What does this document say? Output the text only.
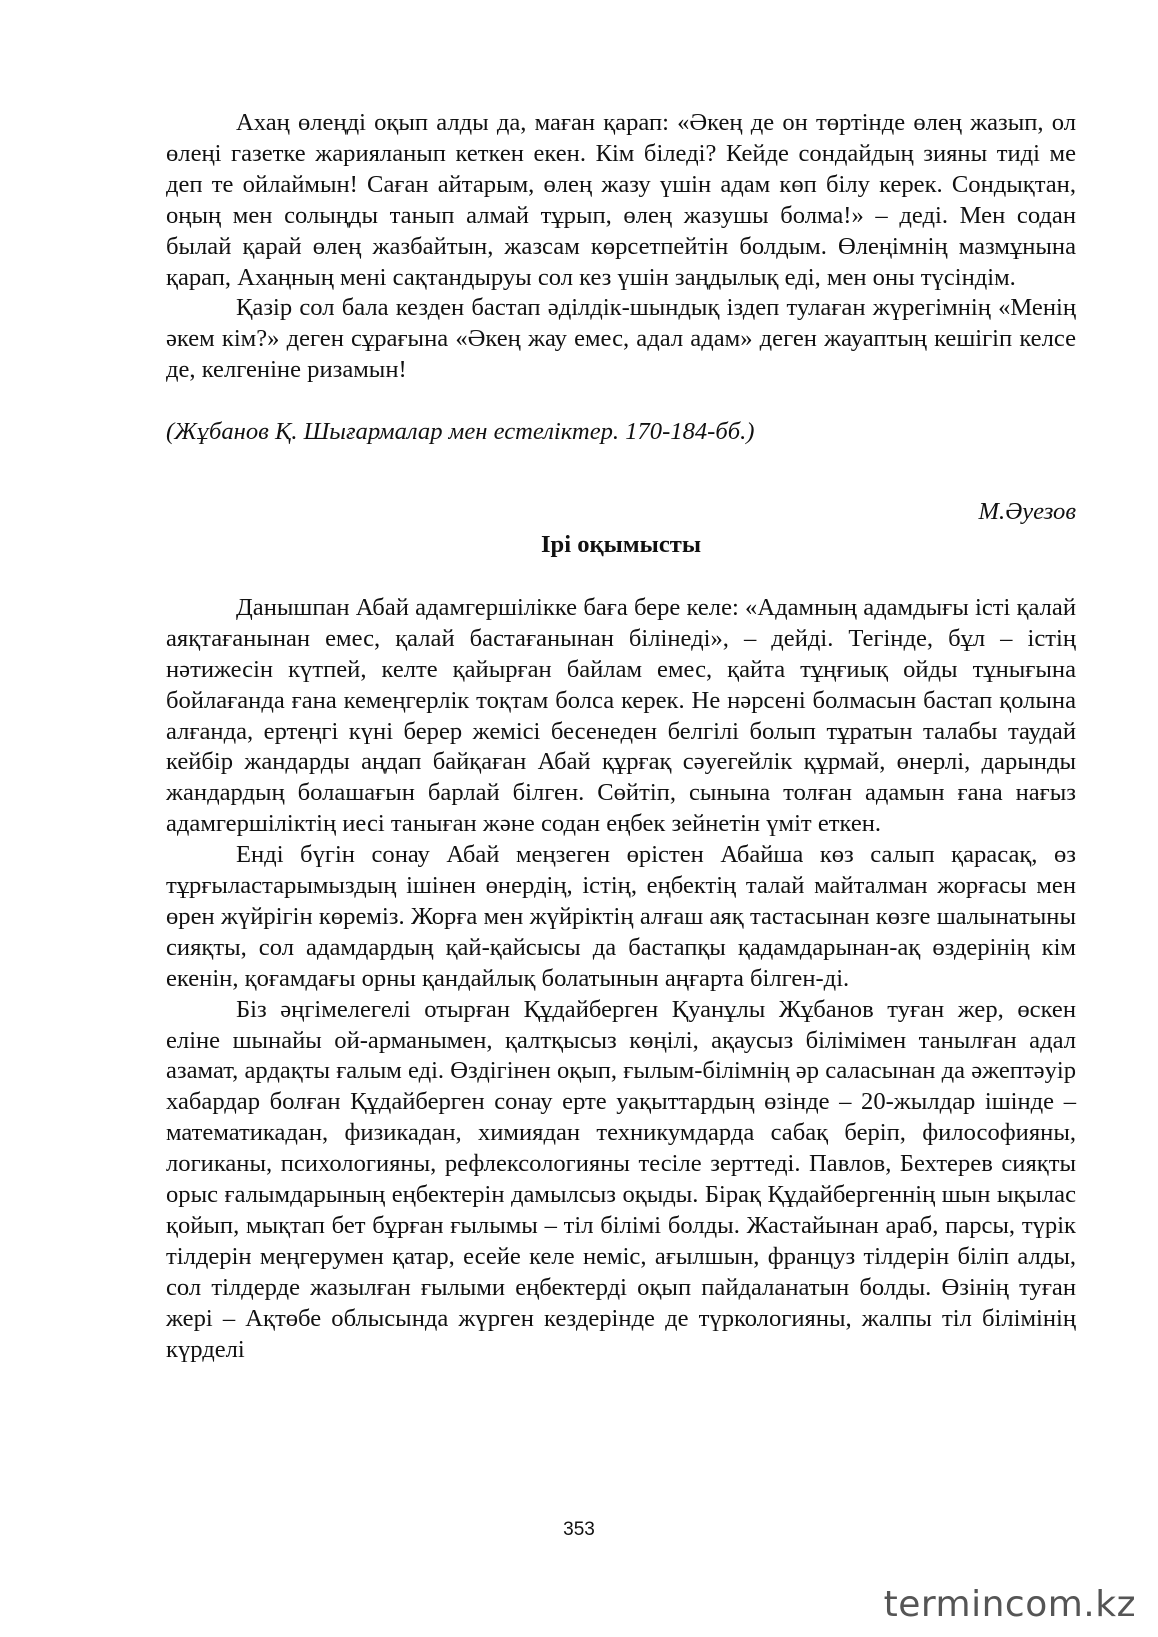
Ахаң өлеңді оқып алды да, маған қарап: «Әкең де он төртінде өлең жазып, ол өлеңі газетке жарияланып кеткен екен. Кім біледі? Кейде сондайдың зияны тиді ме деп те ойлаймын! Саған айтарым, өлең жазу үшін адам көп білу керек. Сондықтан, оңың мен солыңды танып алмай тұрып, өлең жазушы болма!» – деді. Мен содан былай қарай өлең жазбайтын, жазсам көрсетпейтін болдым. Өлеңімнің мазмұнына қарап, Ахаңның мені сақтандыруы сол кез үшін заңдылық еді, мен оны түсіндім.

Қазір сол бала кезден бастап әділдік-шындық іздеп тулаған жүрегімнің «Менің әкем кім?» деген сұрағына «Әкең жау емес, адал адам» деген жауаптың кешігіп келсе де, келгеніне ризамын!

(Жұбанов Қ. Шығармалар мен естеліктер. 170-184-бб.)

М.Әуезов

Ірі оқымысты

Данышпан Абай адамгершілікке баға бере келе: «Адамның адамдығы істі қалай аяқтағанынан емес, қалай бастағанынан білінеді», – дейді. Тегінде, бұл – істің нәтижесін күтпей, келте қайырған байлам емес, қайта тұңғиық ойды тұнығына бойлағанда ғана кемеңгерлік тоқтам болса керек. Не нәрсені болмасын бастап қолына алғанда, ертеңгі күні берер жемісі бесенеден белгілі болып тұратын талабы таудай кейбір жандарды аңдап байқаған Абай құрғақ сәуегейлік құрмай, өнерлі, дарынды жандардың болашағын барлай білген. Сөйтіп, сынына толған адамын ғана нағыз адамгершіліктің иесі таныған және содан еңбек зейнетін үміт еткен.

Енді бүгін сонау Абай меңзеген өрістен Абайша көз салып қарасақ, өз тұрғыластарымыздың ішінен өнердің, істің, еңбектің талай майталман жорғасы мен өрен жүйрігін көреміз. Жорға мен жүйріктің алғаш аяқ тастасынан көзге шалынатыны сияқты, сол адамдардың қай-қайсысы да бастапқы қадамдарынан-ақ өздерінің кім екенін, қоғамдағы орны қандайлық болатынын аңғарта білген-ді.

Біз әңгімелегелі отырған Құдайберген Қуанұлы Жұбанов туған жер, өскен еліне шынайы ой-арманымен, қалтқысыз көңілі, ақаусыз білімімен танылған адал азамат, ардақты ғалым еді. Өздігінен оқып, ғылым-білімнің әр саласынан да әжептәуір хабардар болған Құдайберген сонау ерте уақыттардың өзінде – 20-жылдар ішінде – математикадан, физикадан, химиядан техникумдарда сабақ беріп, философияны, логиканы, психологияны, рефлексологияны тесіле зерттеді. Павлов, Бехтерев сияқты орыс ғалымдарының еңбектерін дамылсыз оқыды. Бірақ Құдайбергеннің шын ықылас қойып, мықтап бет бұрған ғылымы – тіл білімі болды. Жастайынан араб, парсы, түрік тілдерін меңгерумен қатар, есейе келе неміс, ағылшын, француз тілдерін біліп алды, сол тілдерде жазылған ғылыми еңбектерді оқып пайдаланатын болды. Өзінің туған жері – Ақтөбе облысында жүрген кездерінде де түркологияны, жалпы тіл білімінің күрделі

353
termincom.kz
